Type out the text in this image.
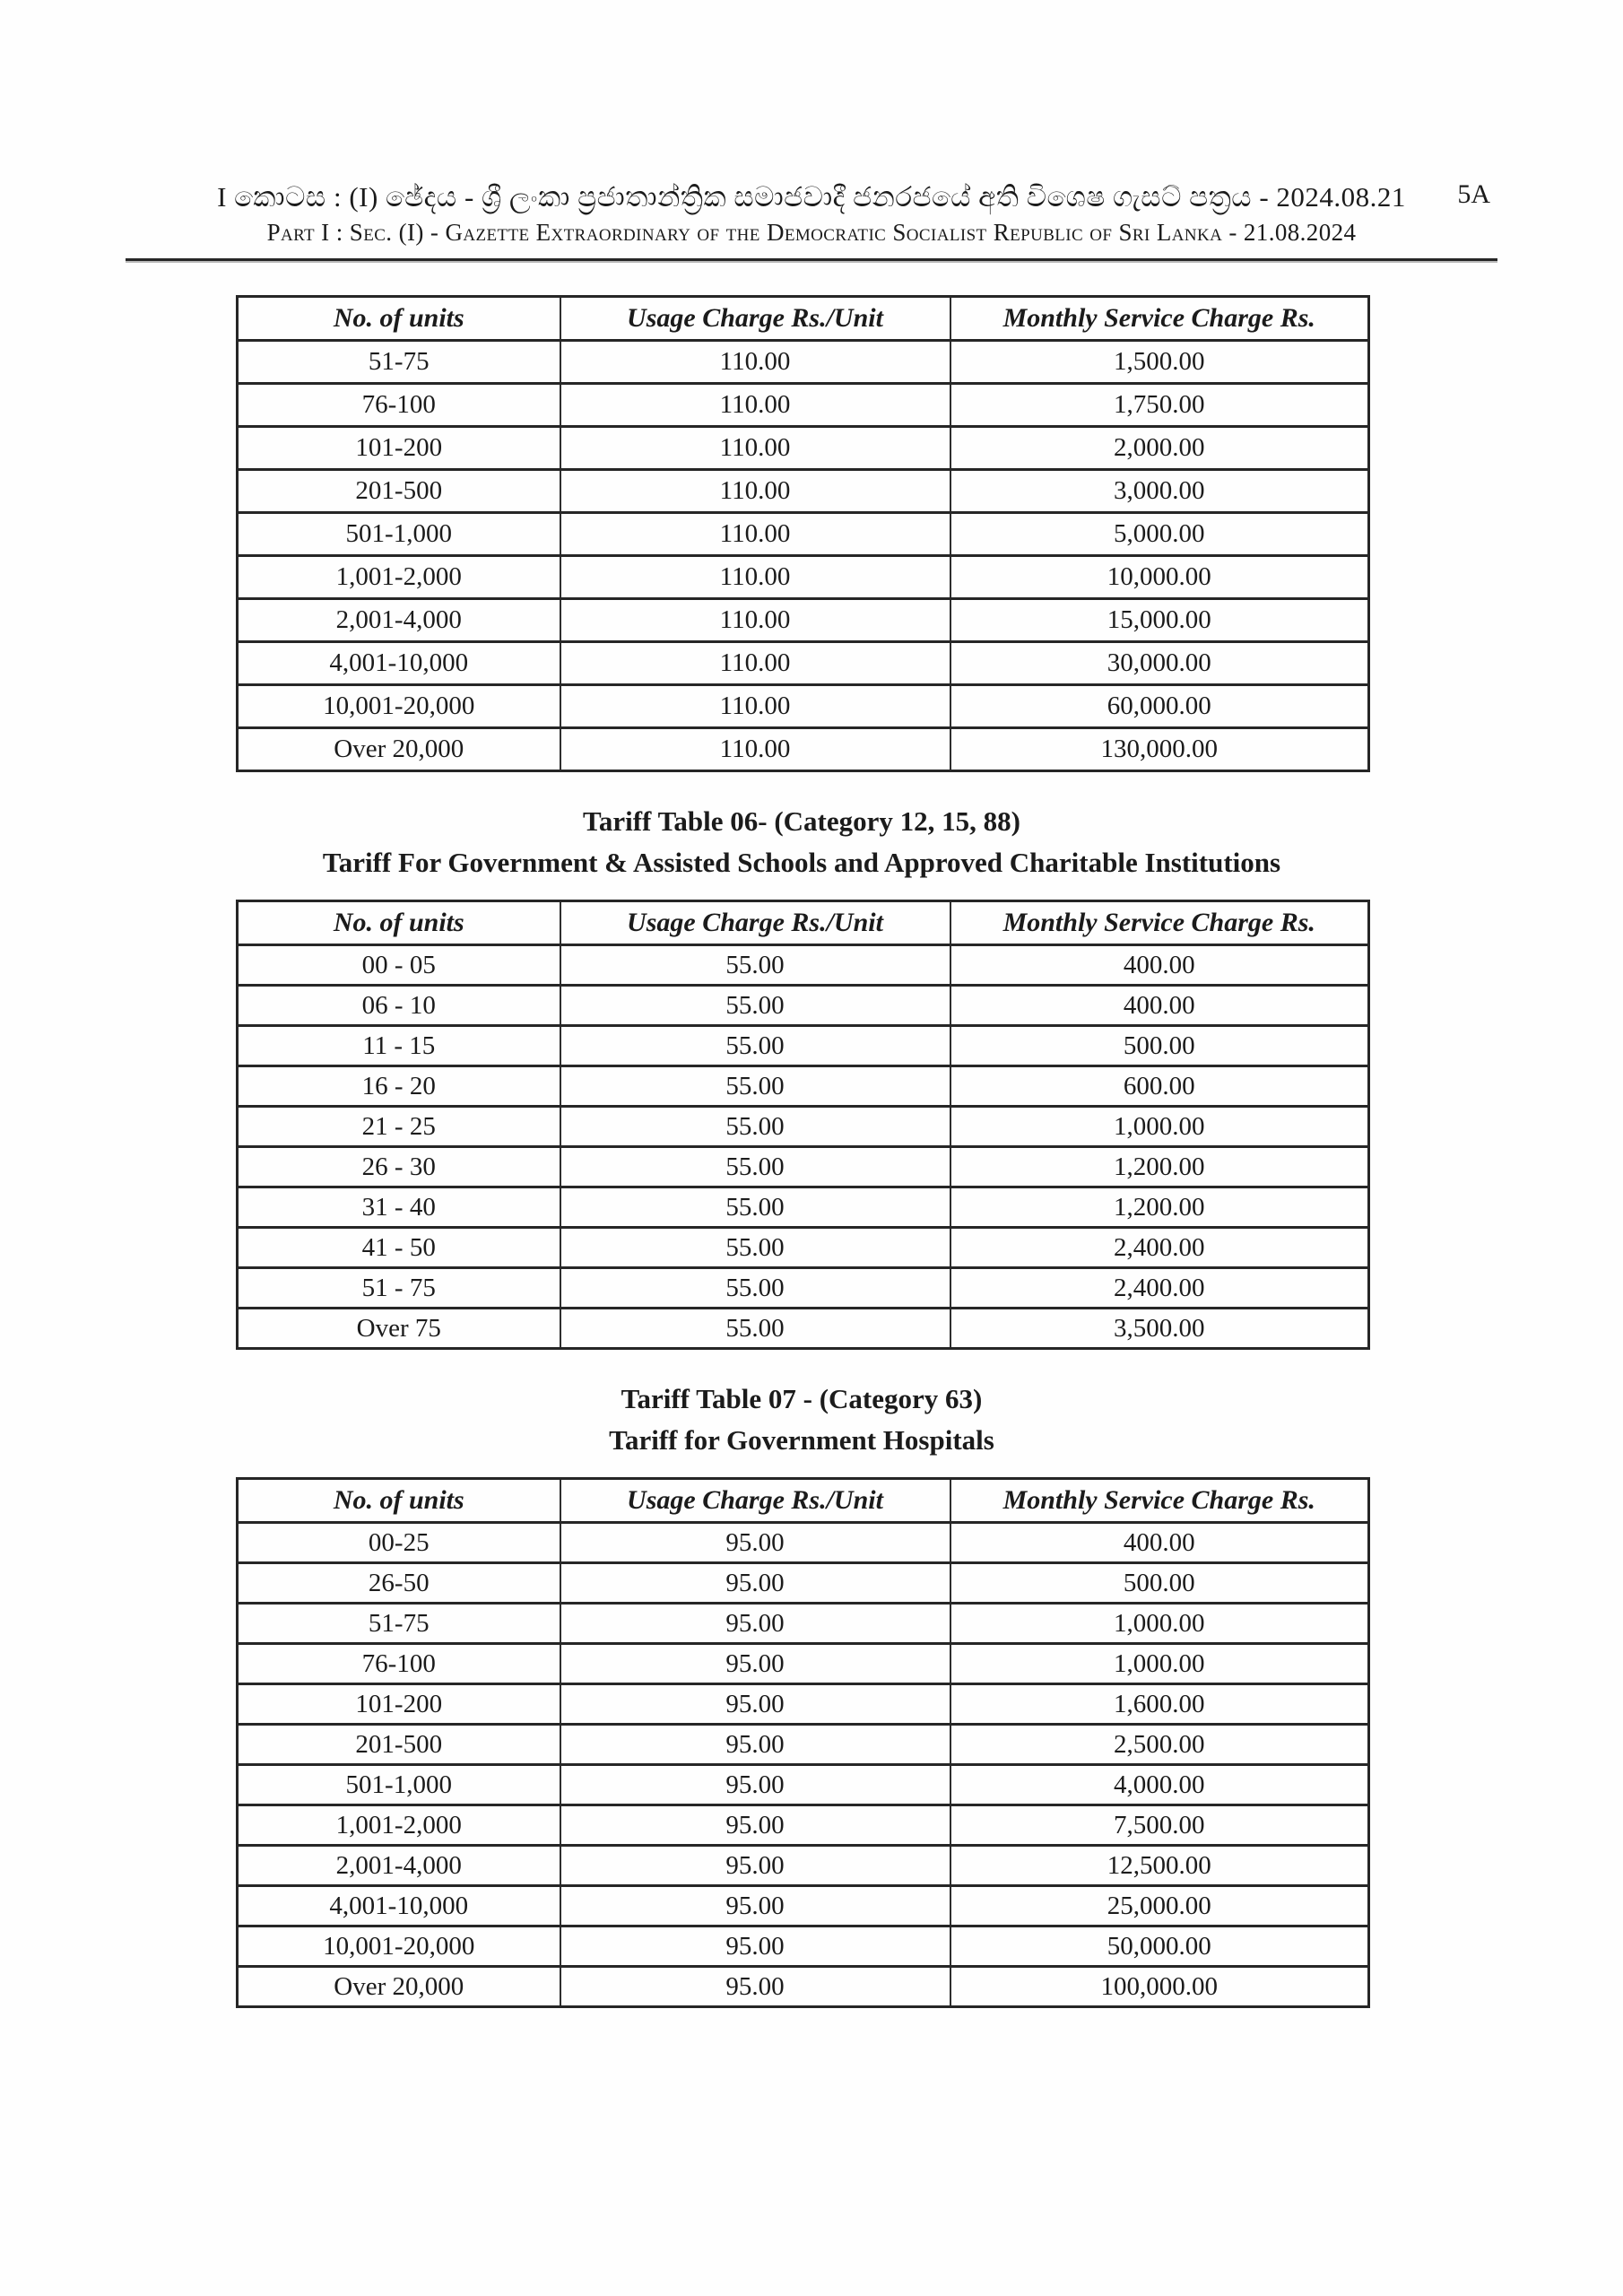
I කොටස : (I) ඡේදය - ශ්‍රී ලංකා ප්‍රජාතාන්ත්‍රික සමාජවාදී ජනරජයේ අති විශෙෂ ගැසට් පත්‍රය - 2024.08.21
Part I : Sec. (I) - Gazette Extraordinary of the Democratic Socialist Republic of Sri Lanka - 21.08.2024
5A
No. of units	Usage Charge Rs./Unit	Monthly Service Charge Rs.
51-75	110.00	1,500.00
76-100	110.00	1,750.00
101-200	110.00	2,000.00
201-500	110.00	3,000.00
501-1,000	110.00	5,000.00
1,001-2,000	110.00	10,000.00
2,001-4,000	110.00	15,000.00
4,001-10,000	110.00	30,000.00
10,001-20,000	110.00	60,000.00
Over 20,000	110.00	130,000.00
Tariff Table 06- (Category 12, 15, 88)
Tariff For Government & Assisted Schools and Approved Charitable Institutions
No. of units	Usage Charge Rs./Unit	Monthly Service Charge Rs.
00 - 05	55.00	400.00
06 - 10	55.00	400.00
11 - 15	55.00	500.00
16 - 20	55.00	600.00
21 - 25	55.00	1,000.00
26 - 30	55.00	1,200.00
31 - 40	55.00	1,200.00
41 - 50	55.00	2,400.00
51 - 75	55.00	2,400.00
Over 75	55.00	3,500.00
Tariff Table 07 - (Category 63)
Tariff for Government Hospitals
No. of units	Usage Charge Rs./Unit	Monthly Service Charge Rs.
00-25	95.00	400.00
26-50	95.00	500.00
51-75	95.00	1,000.00
76-100	95.00	1,000.00
101-200	95.00	1,600.00
201-500	95.00	2,500.00
501-1,000	95.00	4,000.00
1,001-2,000	95.00	7,500.00
2,001-4,000	95.00	12,500.00
4,001-10,000	95.00	25,000.00
10,001-20,000	95.00	50,000.00
Over 20,000	95.00	100,000.00
